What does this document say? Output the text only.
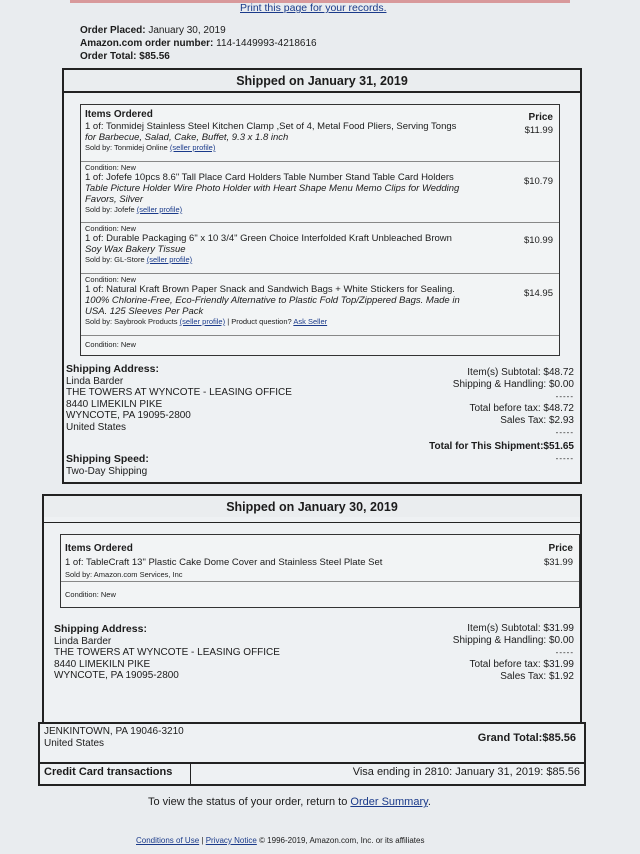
Print this page for your records.
Order Placed: January 30, 2019
Amazon.com order number: 114-1449993-4218616
Order Total: $85.56
Shipped on January 31, 2019
Items Ordered	Price
1 of: Tonmidej Stainless Steel Kitchen Clamp ,Set of 4, Metal Food Pliers, Serving Tongs
for Barbecue, Salad, Cake, Buffet, 9.3 x 1.8 inch
Sold by: Tonmidej Online (seller profile)
$11.99
Condition: New
1 of: Jofefe 10pcs 8.6" Tall Place Card Holders Table Number Stand Table Card Holders
Table Picture Holder Wire Photo Holder with Heart Shape Menu Memo Clips for Wedding
Favors, Silver
Sold by: Jofefe (seller profile)
$10.79
Condition: New
1 of: Durable Packaging 6" x 10 3/4" Green Choice Interfolded Kraft Unbleached Brown
Soy Wax Bakery Tissue
Sold by: GL-Store (seller profile)
$10.99
Condition: New
1 of: Natural Kraft Brown Paper Snack and Sandwich Bags + White Stickers for Sealing.
100% Chlorine-Free, Eco-Friendly Alternative to Plastic Fold Top/Zippered Bags. Made in
USA. 125 Sleeves Per Pack
Sold by: Saybrook Products (seller profile) | Product question? Ask Seller
$14.95
Condition: New
Shipping Address:
Linda Barder
THE TOWERS AT WYNCOTE - LEASING OFFICE
8440 LIMEKILN PIKE
WYNCOTE, PA 19095-2800
United States
Shipping Speed:
Two-Day Shipping
Item(s) Subtotal: $48.72
Shipping & Handling: $0.00
-----
Total before tax: $48.72
Sales Tax: $2.93
-----
Total for This Shipment:$51.65
-----
Shipped on January 30, 2019
Items Ordered	Price
1 of: TableCraft 13" Plastic Cake Dome Cover and Stainless Steel Plate Set
Sold by: Amazon.com Services, Inc
$31.99
Condition: New
Shipping Address:
Linda Barder
THE TOWERS AT WYNCOTE - LEASING OFFICE
8440 LIMEKILN PIKE
WYNCOTE, PA 19095-2800
Item(s) Subtotal: $31.99
Shipping & Handling: $0.00
-----
Total before tax: $31.99
Sales Tax: $1.92
JENKINTOWN, PA 19046-3210
United States	Grand Total:$85.56
Credit Card transactions	Visa ending in 2810: January 31, 2019: $85.56
To view the status of your order, return to Order Summary.
Conditions of Use | Privacy Notice © 1996-2019, Amazon.com, Inc. or its affiliates
